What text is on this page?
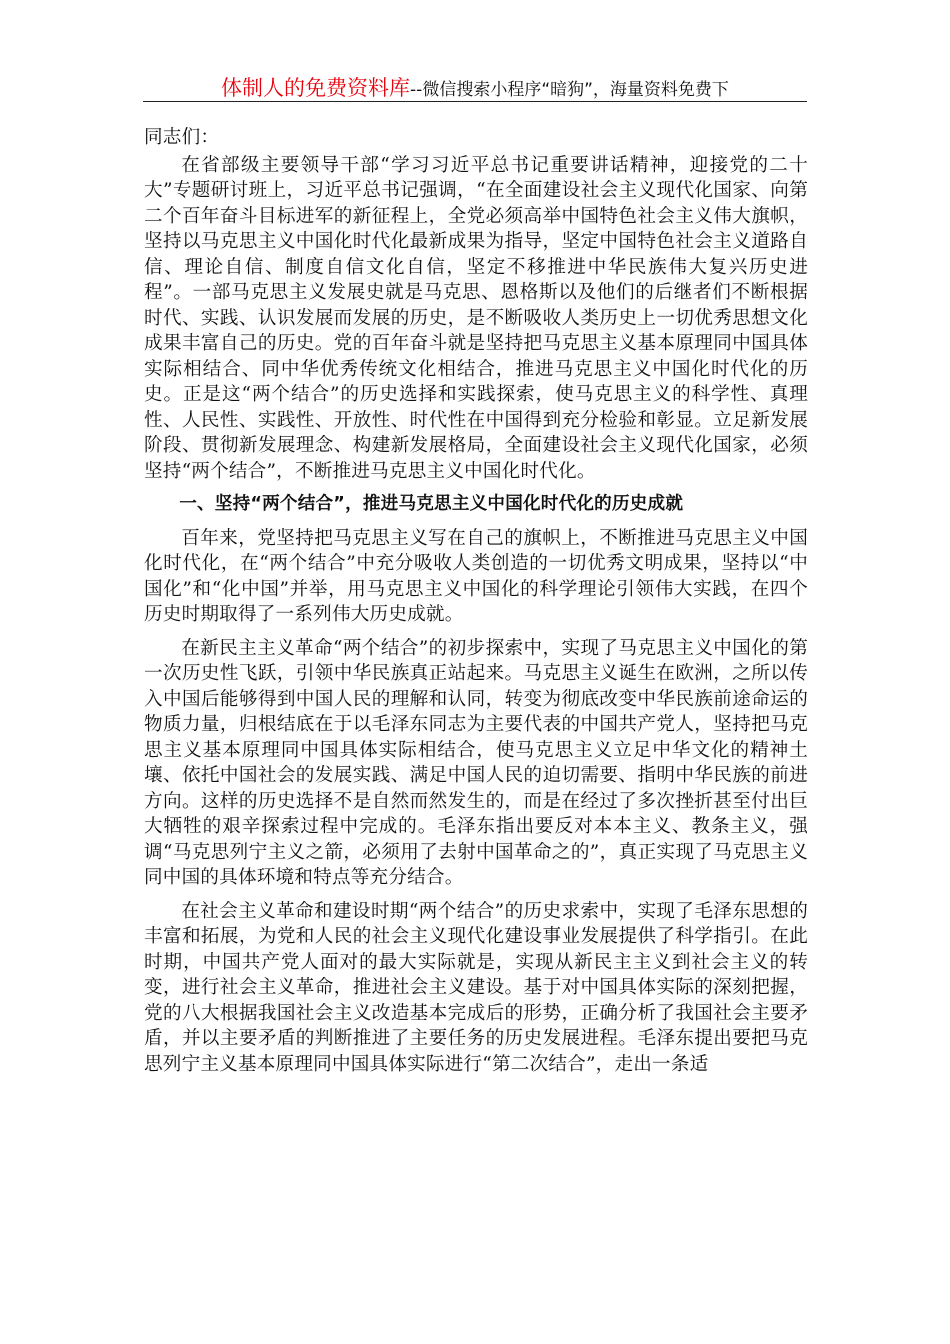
体制人的免费资料库--微信搜索小程序“暗狗”，海量资料免费下

同志们：

在省部级主要领导干部“学习习近平总书记重要讲话精神，迎接党的二十大”专题研讨班上，习近平总书记强调，“在全面建设社会主义现代化国家、向第二个百年奋斗目标进军的新征程上，全党必须高举中国特色社会主义伟大旗帜，坚持以马克思主义中国化时代化最新成果为指导，坚定中国特色社会主义道路自信、理论自信、制度自信文化自信，坚定不移推进中华民族伟大复兴历史进程”。一部马克思主义发展史就是马克思、恩格斯以及他们的后继者们不断根据时代、实践、认识发展而发展的历史，是不断吸收人类历史上一切优秀思想文化成果丰富自己的历史。党的百年奋斗就是坚持把马克思主义基本原理同中国具体实际相结合、同中华优秀传统文化相结合，推进马克思主义中国化时代化的历史。正是这“两个结合”的历史选择和实践探索，使马克思主义的科学性、真理性、人民性、实践性、开放性、时代性在中国得到充分检验和彰显。立足新发展阶段、贯彻新发展理念、构建新发展格局，全面建设社会主义现代化国家，必须坚持“两个结合”，不断推进马克思主义中国化时代化。

一、坚持“两个结合”，推进马克思主义中国化时代化的历史成就

百年来，党坚持把马克思主义写在自己的旗帜上，不断推进马克思主义中国化时代化，在“两个结合”中充分吸收人类创造的一切优秀文明成果，坚持以“中国化”和“化中国”并举，用马克思主义中国化的科学理论引领伟大实践，在四个历史时期取得了一系列伟大历史成就。

在新民主主义革命“两个结合”的初步探索中，实现了马克思主义中国化的第一次历史性飞跃，引领中华民族真正站起来。马克思主义诞生在欧洲，之所以传入中国后能够得到中国人民的理解和认同，转变为彻底改变中华民族前途命运的物质力量，归根结底在于以毛泽东同志为主要代表的中国共产党人，坚持把马克思主义基本原理同中国具体实际相结合，使马克思主义立足中华文化的精神土壤、依托中国社会的发展实践、满足中国人民的迫切需要、指明中华民族的前进方向。这样的历史选择不是自然而然发生的，而是在经过了多次挫折甚至付出巨大牺牲的艰辛探索过程中完成的。毛泽东指出要反对本本主义、教条主义，强调“马克思列宁主义之箭，必须用了去射中国革命之的”，真正实现了马克思主义同中国的具体环境和特点等充分结合。

在社会主义革命和建设时期“两个结合”的历史求索中，实现了毛泽东思想的丰富和拓展，为党和人民的社会主义现代化建设事业发展提供了科学指引。在此时期，中国共产党人面对的最大实际就是，实现从新民主主义到社会主义的转变，进行社会主义革命，推进社会主义建设。基于对中国具体实际的深刻把握，党的八大根据我国社会主义改造基本完成后的形势，正确分析了我国社会主要矛盾，并以主要矛盾的判断推进了主要任务的历史发展进程。毛泽东提出要把马克思列宁主义基本原理同中国具体实际进行“第二次结合”，走出一条适
